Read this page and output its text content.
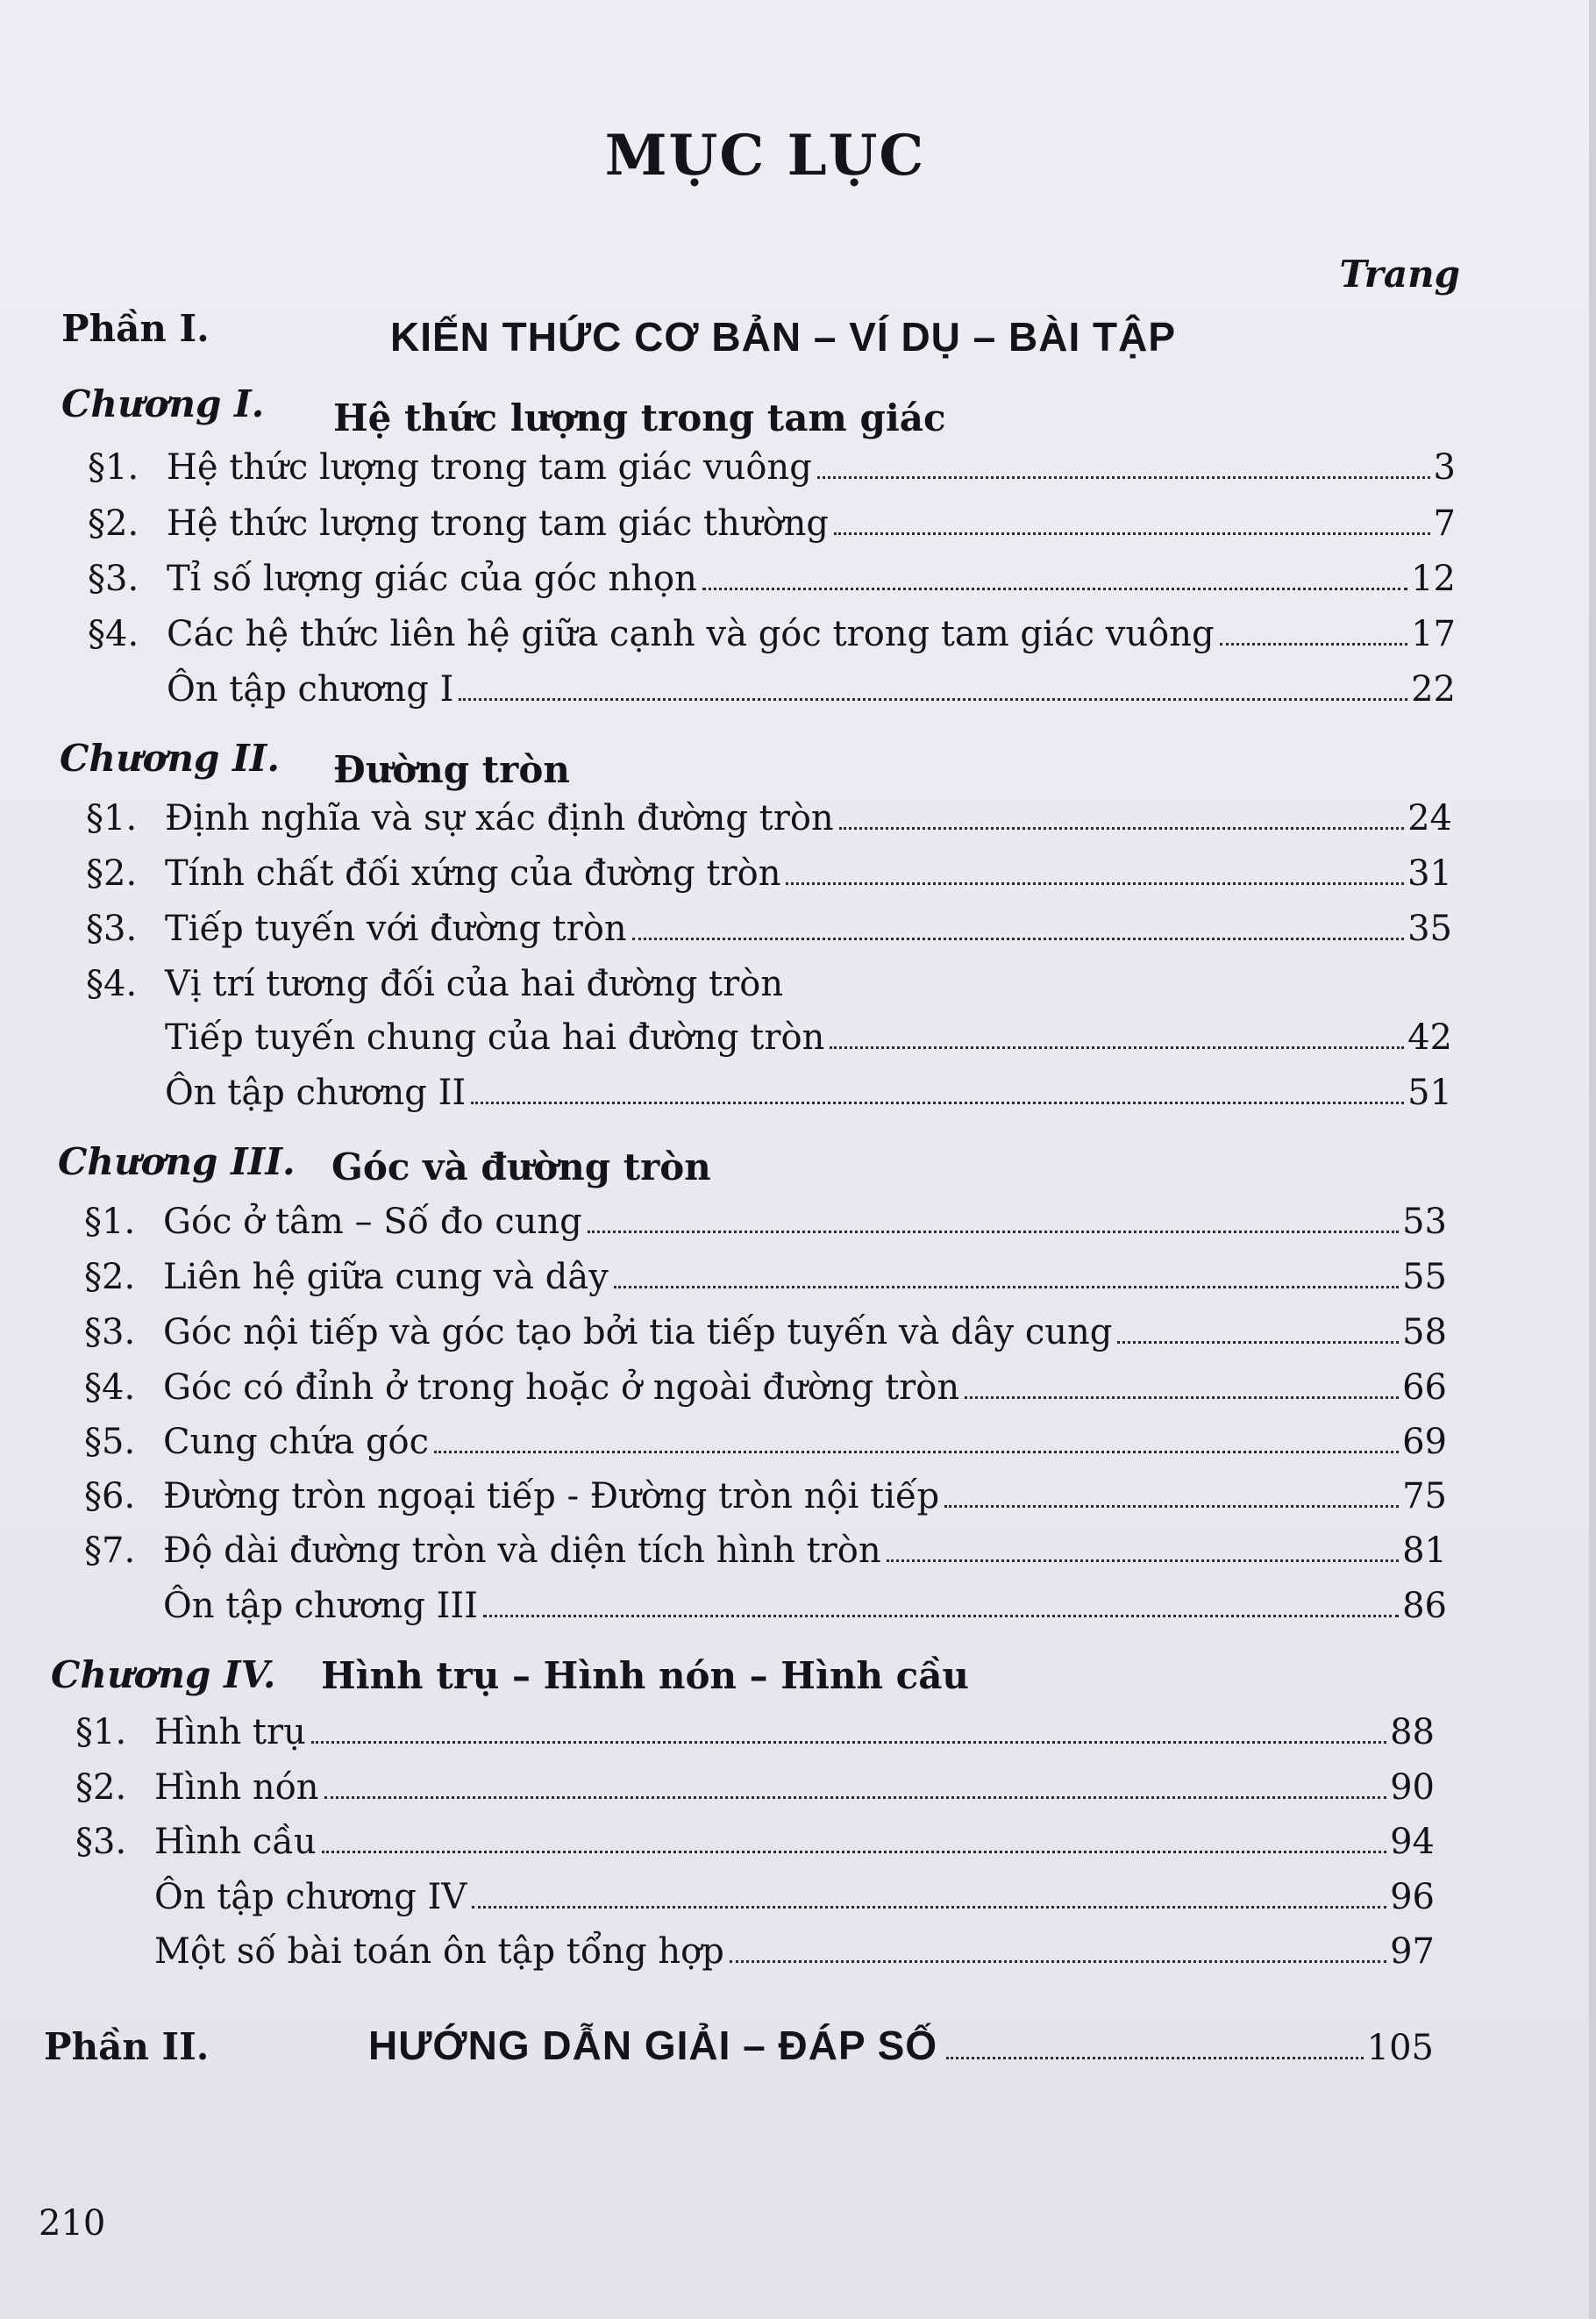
MỤC LỤC
Trang
Phần I.	KIẾN THỨC CƠ BẢN – VÍ DỤ – BÀI TẬP
Chương I. Hệ thức lượng trong tam giác
§1. Hệ thức lượng trong tam giác vuông	3
§2. Hệ thức lượng trong tam giác thường	7
§3. Tỉ số lượng giác của góc nhọn	12
§4. Các hệ thức liên hệ giữa cạnh và góc trong tam giác vuông	17
Ôn tập chương I	22
Chương II. Đường tròn
§1. Định nghĩa và sự xác định đường tròn	24
§2. Tính chất đối xứng của đường tròn	31
§3. Tiếp tuyến với đường tròn	35
§4. Vị trí tương đối của hai đường tròn
Tiếp tuyến chung của hai đường tròn	42
Ôn tập chương II	51
Chương III. Góc và đường tròn
§1. Góc ở tâm – Số đo cung	53
§2. Liên hệ giữa cung và dây	55
§3. Góc nội tiếp và góc tạo bởi tia tiếp tuyến và dây cung	58
§4. Góc có đỉnh ở trong hoặc ở ngoài đường tròn	66
§5. Cung chứa góc	69
§6. Đường tròn ngoại tiếp - Đường tròn nội tiếp	75
§7. Độ dài đường tròn và diện tích hình tròn	81
Ôn tập chương III	86
Chương IV. Hình trụ – Hình nón – Hình cầu
§1. Hình trụ	88
§2. Hình nón	90
§3. Hình cầu	94
Ôn tập chương IV	96
Một số bài toán ôn tập tổng hợp	97
Phần II.	HƯỚNG DẪN GIẢI – ĐÁP SỐ	105
210
